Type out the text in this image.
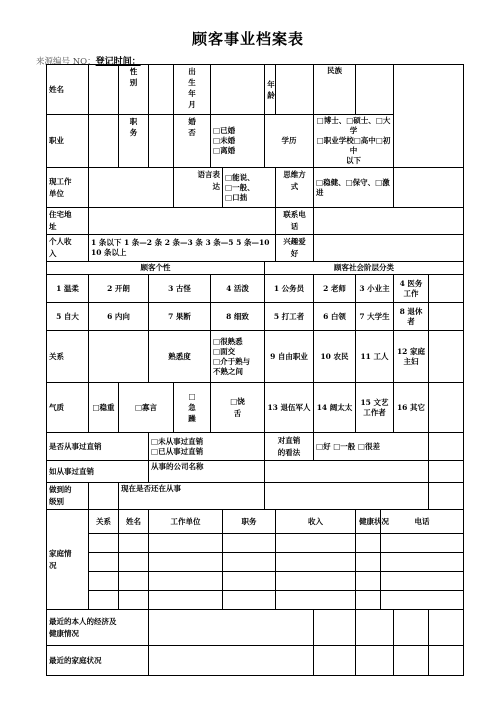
顾客事业档案表
来源编号 NO：登记时间：
姓名		性别		出生年月			年龄		民族					
职业		职务		婚否	□已婚
□未婚
□离婚		学历		□博士、□硕士、□大学
□职业学校□高中□初中
以下					
现工作单位				语言表达		□能说、
□一般、
□口拙		思维方式	□稳健、□保守、□激进					
住宅地址								联系电话						
个人收入	1 条以下 1 条—2 条 2 条—3 条 3 条—5 5 条—10 10 条以上							兴趣爱好						
顾客个性							顾客社会阶层分类							
1 温柔	2 开朗		3 古怪		4 活泼		1 公务员		2 老师	3 小业主		4 医务工作		
5 自大	6 内向		7 果断		8 细致		5 打工者		6 白领	7 大学生		8 退休者		
关系			熟悉度		□很熟悉
□面交
□介于熟与
不熟之间		9 自由职业		10 农民	11 工人		12 家庭主妇		
气质	□稳重	□寡言		□急躁	□饶舌		13 退伍军人		14 阔太太	15 文艺工作者		16 其它		
是否从事过直销			□未从事过直销
□已从事过直销				对直销的看法		□好 □一般 □很差					
如从事过直销			从事的公司名称											
做到的级别		现在是否还在从事												
家庭情况	关系	姓名	工作单位			职务		收入		健康状况	电话			

最近的本人的经济及健康情况														
最近的家庭状况														
